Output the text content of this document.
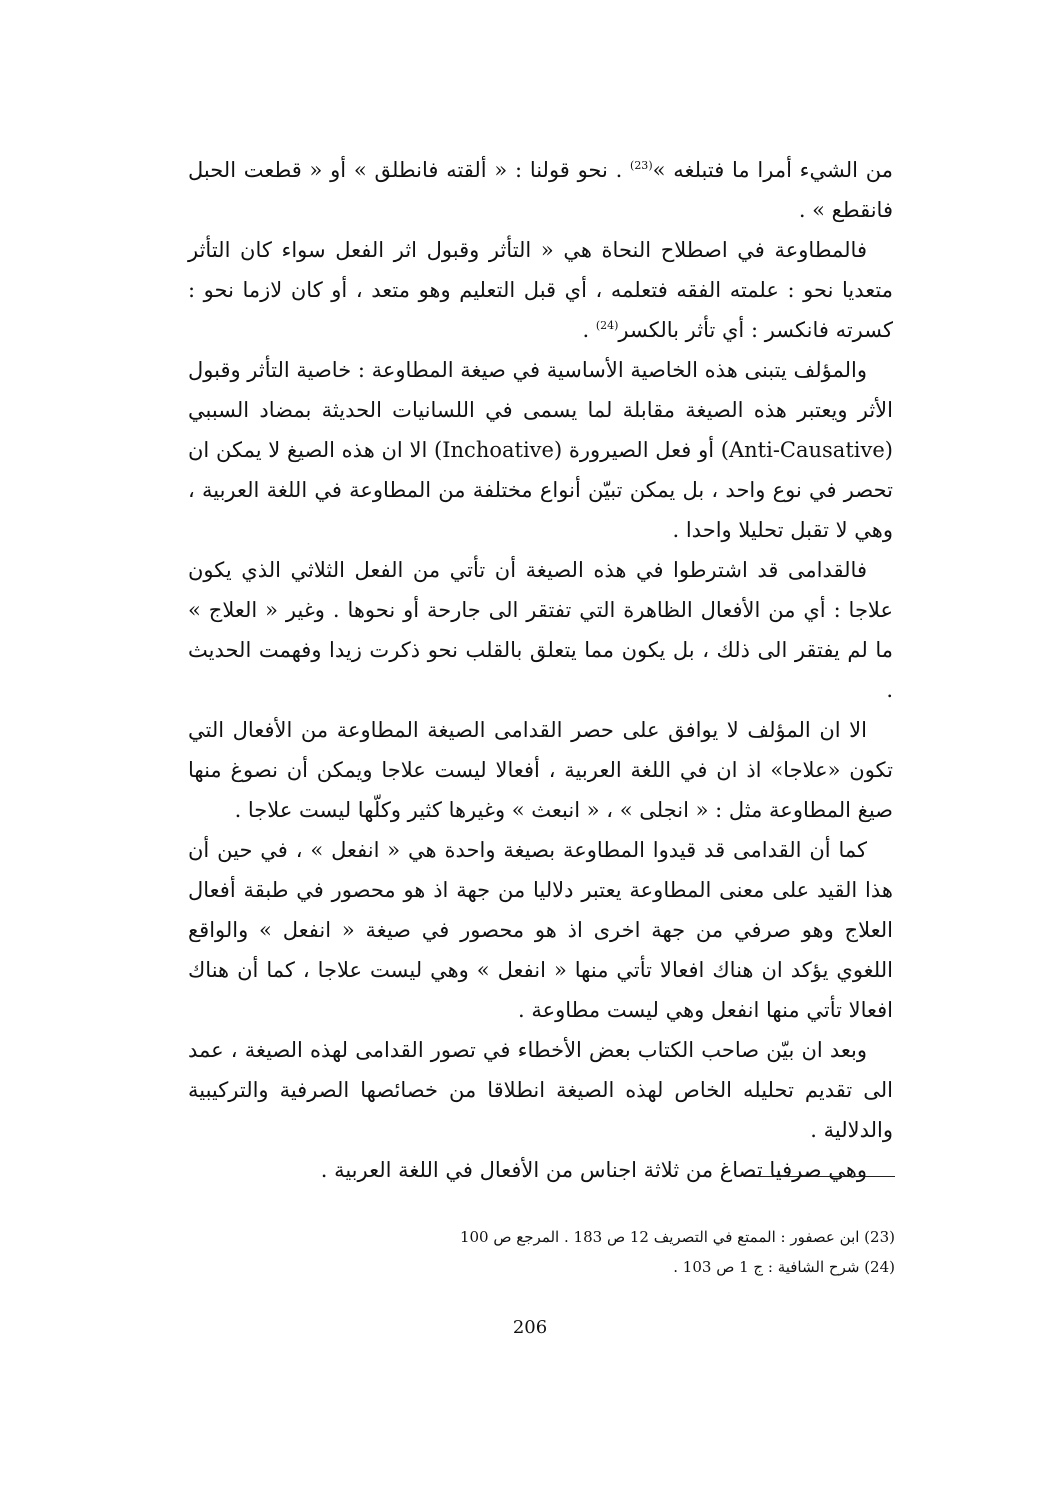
من الشيء أمرا ما فتبلغه »$^{(23)}$ . نحو قولنا : « ألقته فانطلق » أو « قطعت الحبل فانقطع » .

فالمطاوعة في اصطلاح النحاة هي « التأثر وقبول اثر الفعل سواء كان التأثر متعديا نحو : علمته الفقه فتعلمه ، أي قبل التعليم وهو متعد ، أو كان لازما نحو : كسرته فانكسر : أي تأثر بالكسر$^{(24)}$ .

والمؤلف يتبنى هذه الخاصية الأساسية في صيغة المطاوعة : خاصية التأثر وقبول الأثر ويعتبر هذه الصيغة مقابلة لما يسمى في اللسانيات الحديثة بمضاد السببي (Anti-Causative) أو فعل الصيرورة (Inchoative) الا ان هذه الصيغ لا يمكن ان تحصر في نوع واحد ، بل يمكن تبيّن أنواع مختلفة من المطاوعة في اللغة العربية ، وهي لا تقبل تحليلا واحدا .

فالقدامى قد اشترطوا في هذه الصيغة أن تأتي من الفعل الثلاثي الذي يكون علاجا : أي من الأفعال الظاهرة التي تفتقر الى جارحة أو نحوها . وغير « العلاج » ما لم يفتقر الى ذلك ، بل يكون مما يتعلق بالقلب نحو ذكرت زيدا وفهمت الحديث .

الا ان المؤلف لا يوافق على حصر القدامى الصيغة المطاوعة من الأفعال التي تكون «علاجا» اذ ان في اللغة العربية ، أفعالا ليست علاجا ويمكن أن نصوغ منها صيغ المطاوعة مثل : « انجلى » ، « انبعث » وغيرها كثير وكلّها ليست علاجا .

كما أن القدامى قد قيدوا المطاوعة بصيغة واحدة هي « انفعل » ، في حين أن هذا القيد على معنى المطاوعة يعتبر دلاليا من جهة اذ هو محصور في طبقة أفعال العلاج وهو صرفي من جهة اخرى اذ هو محصور في صيغة « انفعل » والواقع اللغوي يؤكد ان هناك افعالا تأتي منها « انفعل » وهي ليست علاجا ، كما أن هناك افعالا تأتي منها انفعل وهي ليست مطاوعة .

وبعد ان بيّن صاحب الكتاب بعض الأخطاء في تصور القدامى لهذه الصيغة ، عمد الى تقديم تحليله الخاص لهذه الصيغة انطلاقا من خصائصها الصرفية والتركيبية والدلالية .

وهي صرفيا تصاغ من ثلاثة اجناس من الأفعال في اللغة العربية .

(23) ابن عصفور : الممتع في التصريف 12 ص 183 . المرجع ص 100

(24) شرح الشافية : ج 1 ص 103 .

206
